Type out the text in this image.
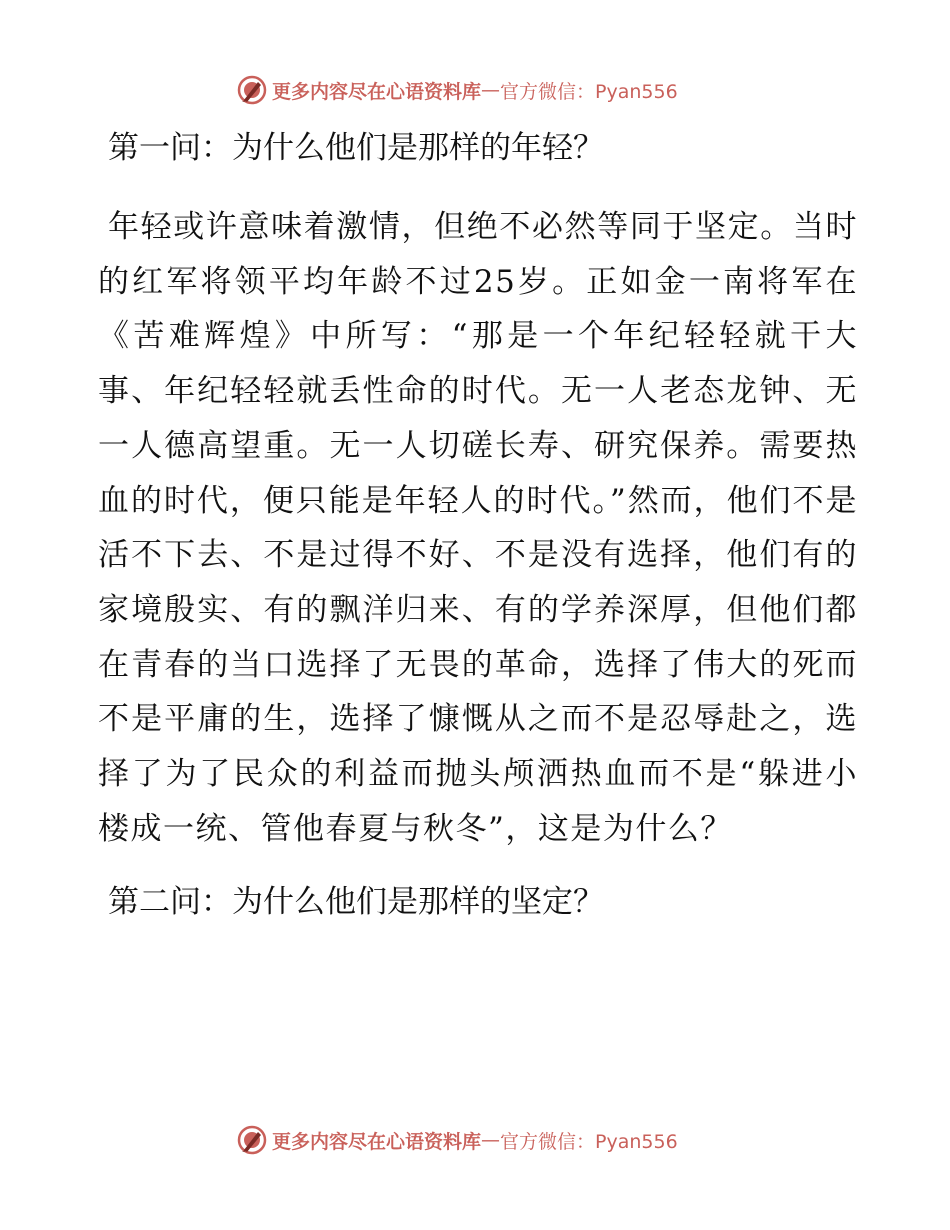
更多内容尽在心语资料库 — 官方微信：Pyan556

第一问：为什么他们是那样的年轻？

年轻或许意味着激情，但绝不必然等同于坚定。当时的红军将领平均年龄不过25岁。正如金一南将军在《苦难辉煌》中所写：“那是一个年纪轻轻就干大事、年纪轻轻就丢性命的时代。无一人老态龙钟、无一人德高望重。无一人切磋长寿、研究保养。需要热血的时代，便只能是年轻人的时代。”然而，他们不是活不下去、不是过得不好、不是没有选择，他们有的家境殷实、有的飘洋归来、有的学养深厚，但他们都在青春的当口选择了无畏的革命，选择了伟大的死而不是平庸的生，选择了慷慨从之而不是忍辱赴之，选择了为了民众的利益而抛头颅洒热血而不是“躲进小楼成一统、管他春夏与秋冬”，这是为什么？

第二问：为什么他们是那样的坚定？

更多内容尽在心语资料库 — 官方微信：Pyan556
